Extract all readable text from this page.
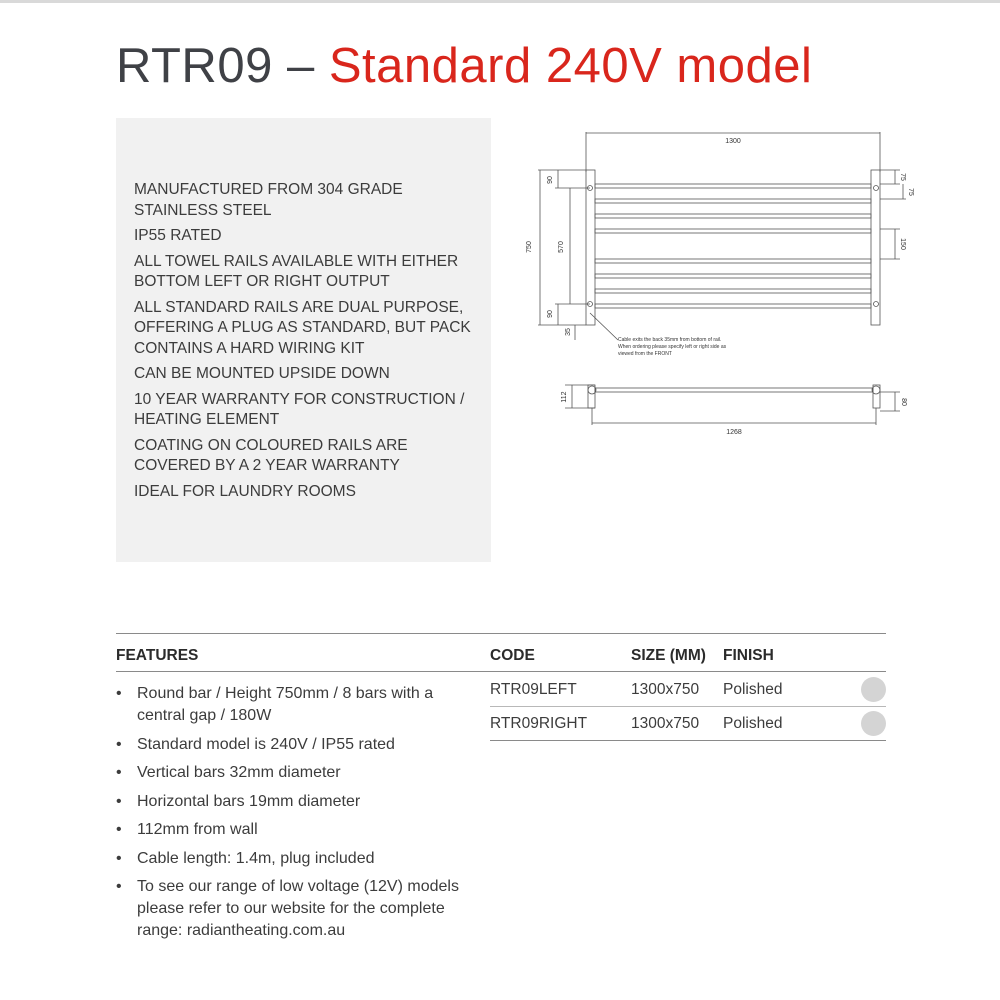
RTR09 – Standard 240V model
MANUFACTURED FROM 304 GRADE STAINLESS STEEL
IP55 RATED
ALL TOWEL RAILS AVAILABLE WITH EITHER BOTTOM LEFT OR RIGHT OUTPUT
ALL STANDARD RAILS ARE DUAL PURPOSE, OFFERING A PLUG AS STANDARD, BUT PACK CONTAINS A HARD WIRING KIT
CAN BE MOUNTED UPSIDE DOWN
10 YEAR WARRANTY FOR CONSTRUCTION / HEATING ELEMENT
COATING ON COLOURED RAILS ARE COVERED BY A 2 YEAR WARRANTY
IDEAL FOR LAUNDRY ROOMS
1300
750	570
90
90
35
75
75
150
Cable exits the back 35mm from bottom of rail.
When ordering please specify left or right side as
viewed from the FRONT
112	80
1268
FEATURES	CODE	SIZE (MM) FINISH
RTR09LEFT	1300x750 Polished
RTR09RIGHT	1300x750 Polished
• Round bar / Height 750mm / 8 bars with a central gap / 180W
• Standard model is 240V / IP55 rated
• Vertical bars 32mm diameter
• Horizontal bars 19mm diameter
• 112mm from wall
• Cable length: 1.4m, plug included
• To see our range of low voltage (12V) models please refer to our website for the complete range: radiantheating.com.au
